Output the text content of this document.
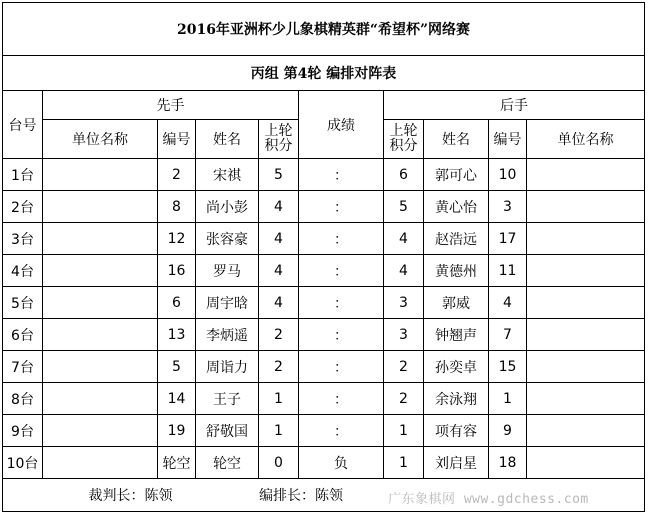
2016年亚洲杯少儿象棋精英群“希望杯”网络赛									
丙组 第4轮 编排对阵表									
台号	先手				成绩	后手			
	单位名称	编号	姓名	上轮积分		上轮积分	姓名	编号	单位名称
1台		2	宋祺	5	：	6	郭可心	10	
2台		8	尚小彭	4	：	5	黄心怡	3	
3台		12	张容豪	4	：	4	赵浩远	17	
4台		16	罗马	4	：	4	黄德州	11	
5台		6	周宇晗	4	：	3	郭威	4	
6台		13	李炳遥	2	：	3	钟翘声	7	
7台		5	周诣力	2	：	2	孙奕卓	15	
8台		14	王子	1	：	2	余泳翔	1	
9台		19	舒敬国	1	：	1	项有容	9	
10台		轮空	轮空	0	负	1	刘启星	18	
裁判长：陈领				编排长：陈领						广东象棋网 www.gdchess.com
